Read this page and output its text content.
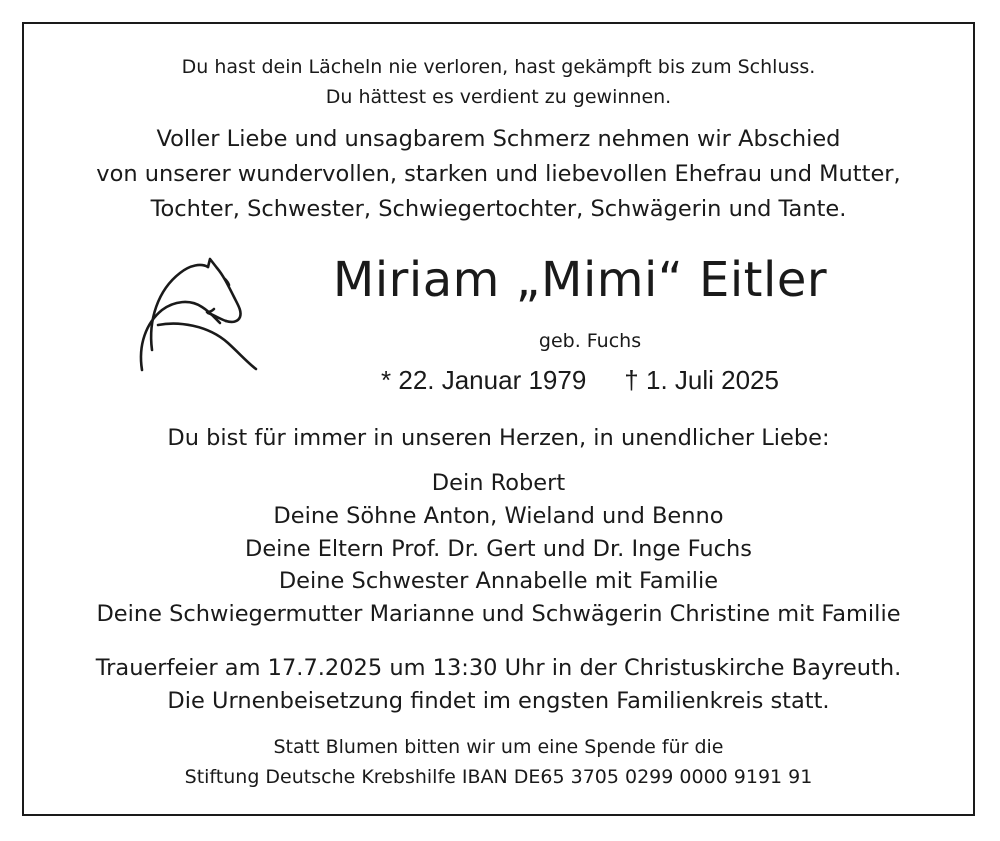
Du hast dein Lächeln nie verloren, hast gekämpft bis zum Schluss.
Du hättest es verdient zu gewinnen.
Voller Liebe und unsagbarem Schmerz nehmen wir Abschied
von unserer wundervollen, starken und liebevollen Ehefrau und Mutter,
Tochter, Schwester, Schwiegertochter, Schwägerin und Tante.
Miriam „Mimi“ Eitler
geb. Fuchs
* 22. Januar 1979 † 1. Juli 2025
Du bist für immer in unseren Herzen, in unendlicher Liebe:
Dein Robert
Deine Söhne Anton, Wieland und Benno
Deine Eltern Prof. Dr. Gert und Dr. Inge Fuchs
Deine Schwester Annabelle mit Familie
Deine Schwiegermutter Marianne und Schwägerin Christine mit Familie
Trauerfeier am 17.7.2025 um 13:30 Uhr in der Christuskirche Bayreuth.
Die Urnenbeisetzung findet im engsten Familienkreis statt.
Statt Blumen bitten wir um eine Spende für die
Stiftung Deutsche Krebshilfe IBAN DE65 3705 0299 0000 9191 91
